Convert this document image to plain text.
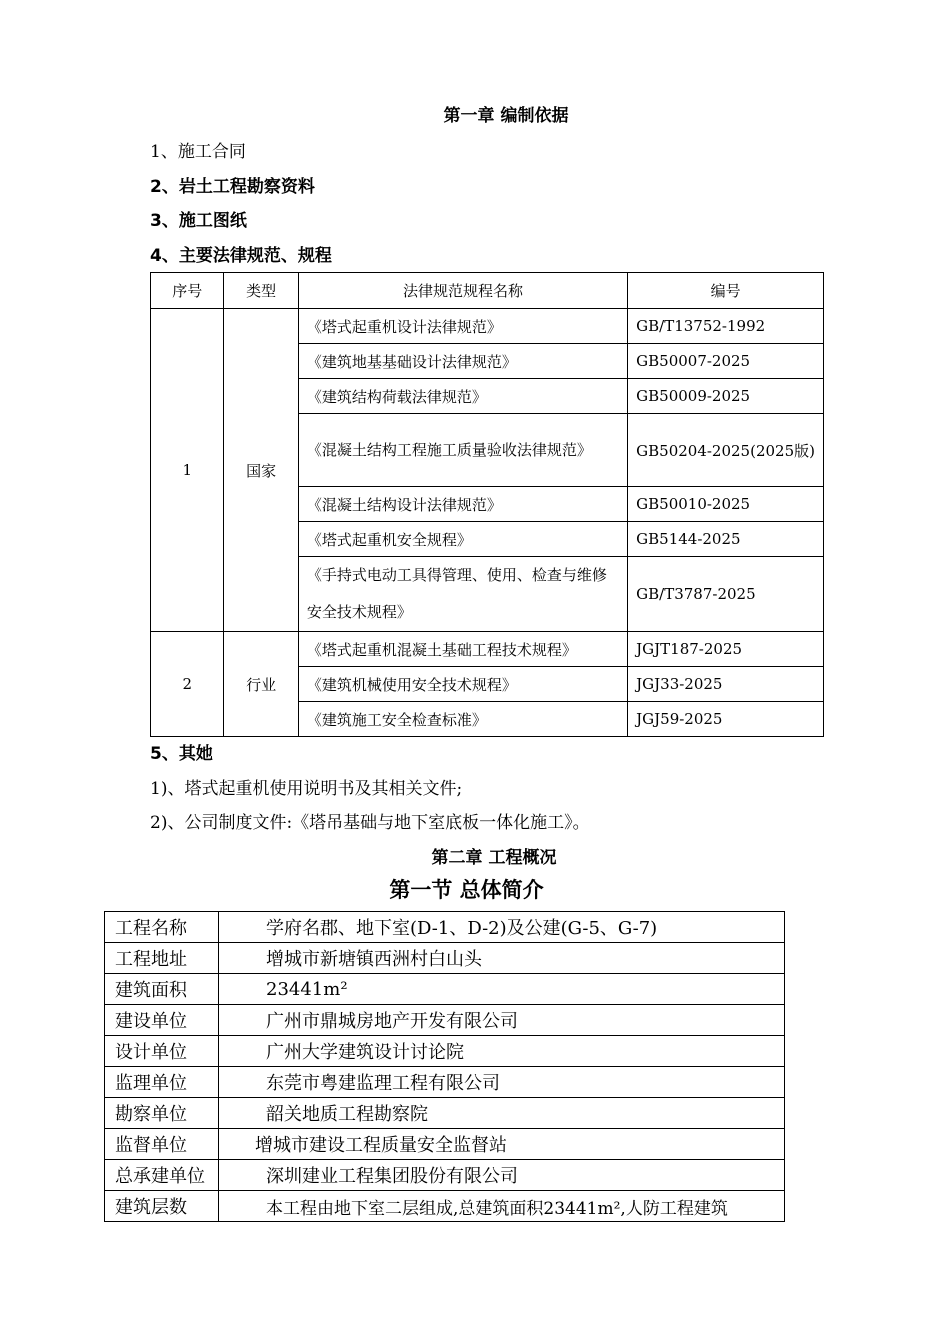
第一章 编制依据
1、施工合同
2、岩土工程勘察资料
3、施工图纸
4、主要法律规范、规程
序号	类型	法律规范规程名称	编号
1	国家	《塔式起重机设计法律规范》	GB/T13752-1992
		《建筑地基基础设计法律规范》	GB50007-2025
		《建筑结构荷载法律规范》	GB50009-2025
		《混凝土结构工程施工质量验收法律规范》	GB50204-2025(2025版)
		《混凝土结构设计法律规范》	GB50010-2025
		《塔式起重机安全规程》	GB5144-2025
		《手持式电动工具得管理、使用、检查与维修安全技术规程》	GB/T3787-2025
2	行业	《塔式起重机混凝土基础工程技术规程》	JGJT187-2025
		《建筑机械使用安全技术规程》	JGJ33-2025
		《建筑施工安全检查标准》	JGJ59-2025
5、其她
1)、塔式起重机使用说明书及其相关文件;
2)、公司制度文件:《塔吊基础与地下室底板一体化施工》。
第二章 工程概况
第一节 总体简介
工程名称	学府名郡、地下室(D-1、D-2)及公建(G-5、G-7)
工程地址	增城市新塘镇西洲村白山头
建筑面积	23441m²
建设单位	广州市鼎城房地产开发有限公司
设计单位	广州大学建筑设计讨论院
监理单位	东莞市粤建监理工程有限公司
勘察单位	韶关地质工程勘察院
监督单位	增城市建设工程质量安全监督站
总承建单位	深圳建业工程集团股份有限公司
建筑层数	本工程由地下室二层组成,总建筑面积23441m²,人防工程建筑
